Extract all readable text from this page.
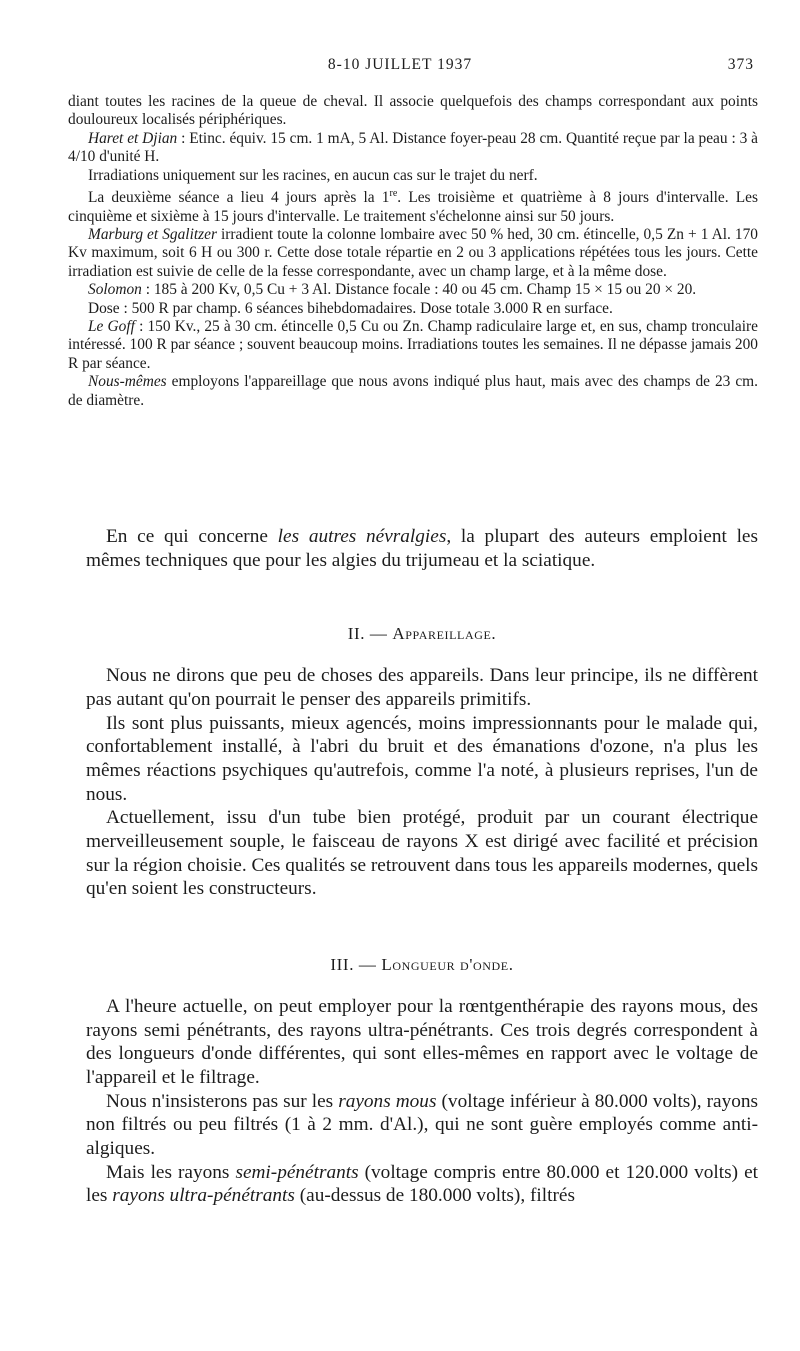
8-10 JUILLET 1937	373

diant toutes les racines de la queue de cheval. Il associe quelquefois des champs correspondant aux points douloureux localisés périphériques.

Haret et Djian : Etinc. équiv. 15 cm. 1 mA, 5 Al. Distance foyer-peau 28 cm. Quantité reçue par la peau : 3 à 4/10 d'unité H.

Irradiations uniquement sur les racines, en aucun cas sur le trajet du nerf.

La deuxième séance a lieu 4 jours après la 1re. Les troisième et quatrième à 8 jours d'intervalle. Les cinquième et sixième à 15 jours d'intervalle. Le traitement s'échelonne ainsi sur 50 jours.

Marburg et Sgalitzer irradient toute la colonne lombaire avec 50 % hed, 30 cm. étincelle, 0,5 Zn + 1 Al. 170 Kv maximum, soit 6 H ou 300 r. Cette dose totale répartie en 2 ou 3 applications répétées tous les jours. Cette irradiation est suivie de celle de la fesse correspondante, avec un champ large, et à la même dose.

Solomon : 185 à 200 Kv, 0,5 Cu + 3 Al. Distance focale : 40 ou 45 cm. Champ 15 × 15 ou 20 × 20.

Dose : 500 R par champ. 6 séances bihebdomadaires. Dose totale 3.000 R en surface.

Le Goff : 150 Kv., 25 à 30 cm. étincelle 0,5 Cu ou Zn. Champ radiculaire large et, en sus, champ tronculaire intéressé. 100 R par séance ; souvent beaucoup moins. Irradiations toutes les semaines. Il ne dépasse jamais 200 R par séance.

Nous-mêmes employons l'appareillage que nous avons indiqué plus haut, mais avec des champs de 23 cm. de diamètre.

En ce qui concerne les autres névralgies, la plupart des auteurs emploient les mêmes techniques que pour les algies du trijumeau et la sciatique.

II. — Appareillage.

Nous ne dirons que peu de choses des appareils. Dans leur principe, ils ne diffèrent pas autant qu'on pourrait le penser des appareils primitifs.

Ils sont plus puissants, mieux agencés, moins impressionnants pour le malade qui, confortablement installé, à l'abri du bruit et des émanations d'ozone, n'a plus les mêmes réactions psychiques qu'autrefois, comme l'a noté, à plusieurs reprises, l'un de nous.

Actuellement, issu d'un tube bien protégé, produit par un courant électrique merveilleusement souple, le faisceau de rayons X est dirigé avec facilité et précision sur la région choisie. Ces qualités se retrouvent dans tous les appareils modernes, quels qu'en soient les constructeurs.

III. — Longueur d'onde.

A l'heure actuelle, on peut employer pour la rœntgenthérapie des rayons mous, des rayons semi pénétrants, des rayons ultra-pénétrants. Ces trois degrés correspondent à des longueurs d'onde différentes, qui sont elles-mêmes en rapport avec le voltage de l'appareil et le filtrage.

Nous n'insisterons pas sur les rayons mous (voltage inférieur à 80.000 volts), rayons non filtrés ou peu filtrés (1 à 2 mm. d'Al.), qui ne sont guère employés comme anti-algiques.

Mais les rayons semi-pénétrants (voltage compris entre 80.000 et 120.000 volts) et les rayons ultra-pénétrants (au-dessus de 180.000 volts), filtrés
